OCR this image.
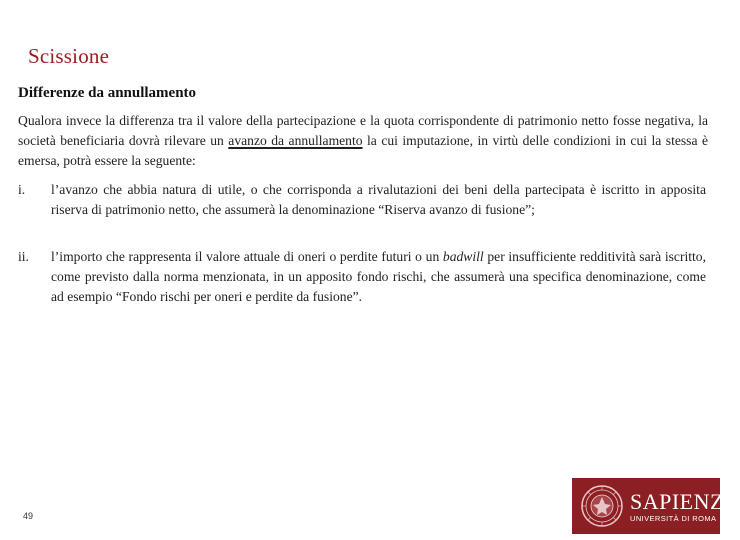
Scissione
Differenze da annullamento
Qualora invece la differenza tra il valore della partecipazione e la quota corrispondente di patrimonio netto fosse negativa, la società beneficiaria dovrà rilevare un avanzo da annullamento la cui imputazione, in virtù delle condizioni in cui la stessa è emersa, potrà essere la seguente:
i. l’avanzo che abbia natura di utile, o che corrisponda a rivalutazioni dei beni della partecipata è iscritto in apposita riserva di patrimonio netto, che assumerà la denominazione “Riserva avanzo di fusione”;
ii. l’importo che rappresenta il valore attuale di oneri o perdite futuri o un badwill per insufficiente redditività sarà iscritto, come previsto dalla norma menzionata, in un apposito fondo rischi, che assumerà una specifica denominazione, come ad esempio “Fondo rischi per oneri e perdite da fusione”.
49
SAPIENZA
UNIVERSITÀ DI ROMA
